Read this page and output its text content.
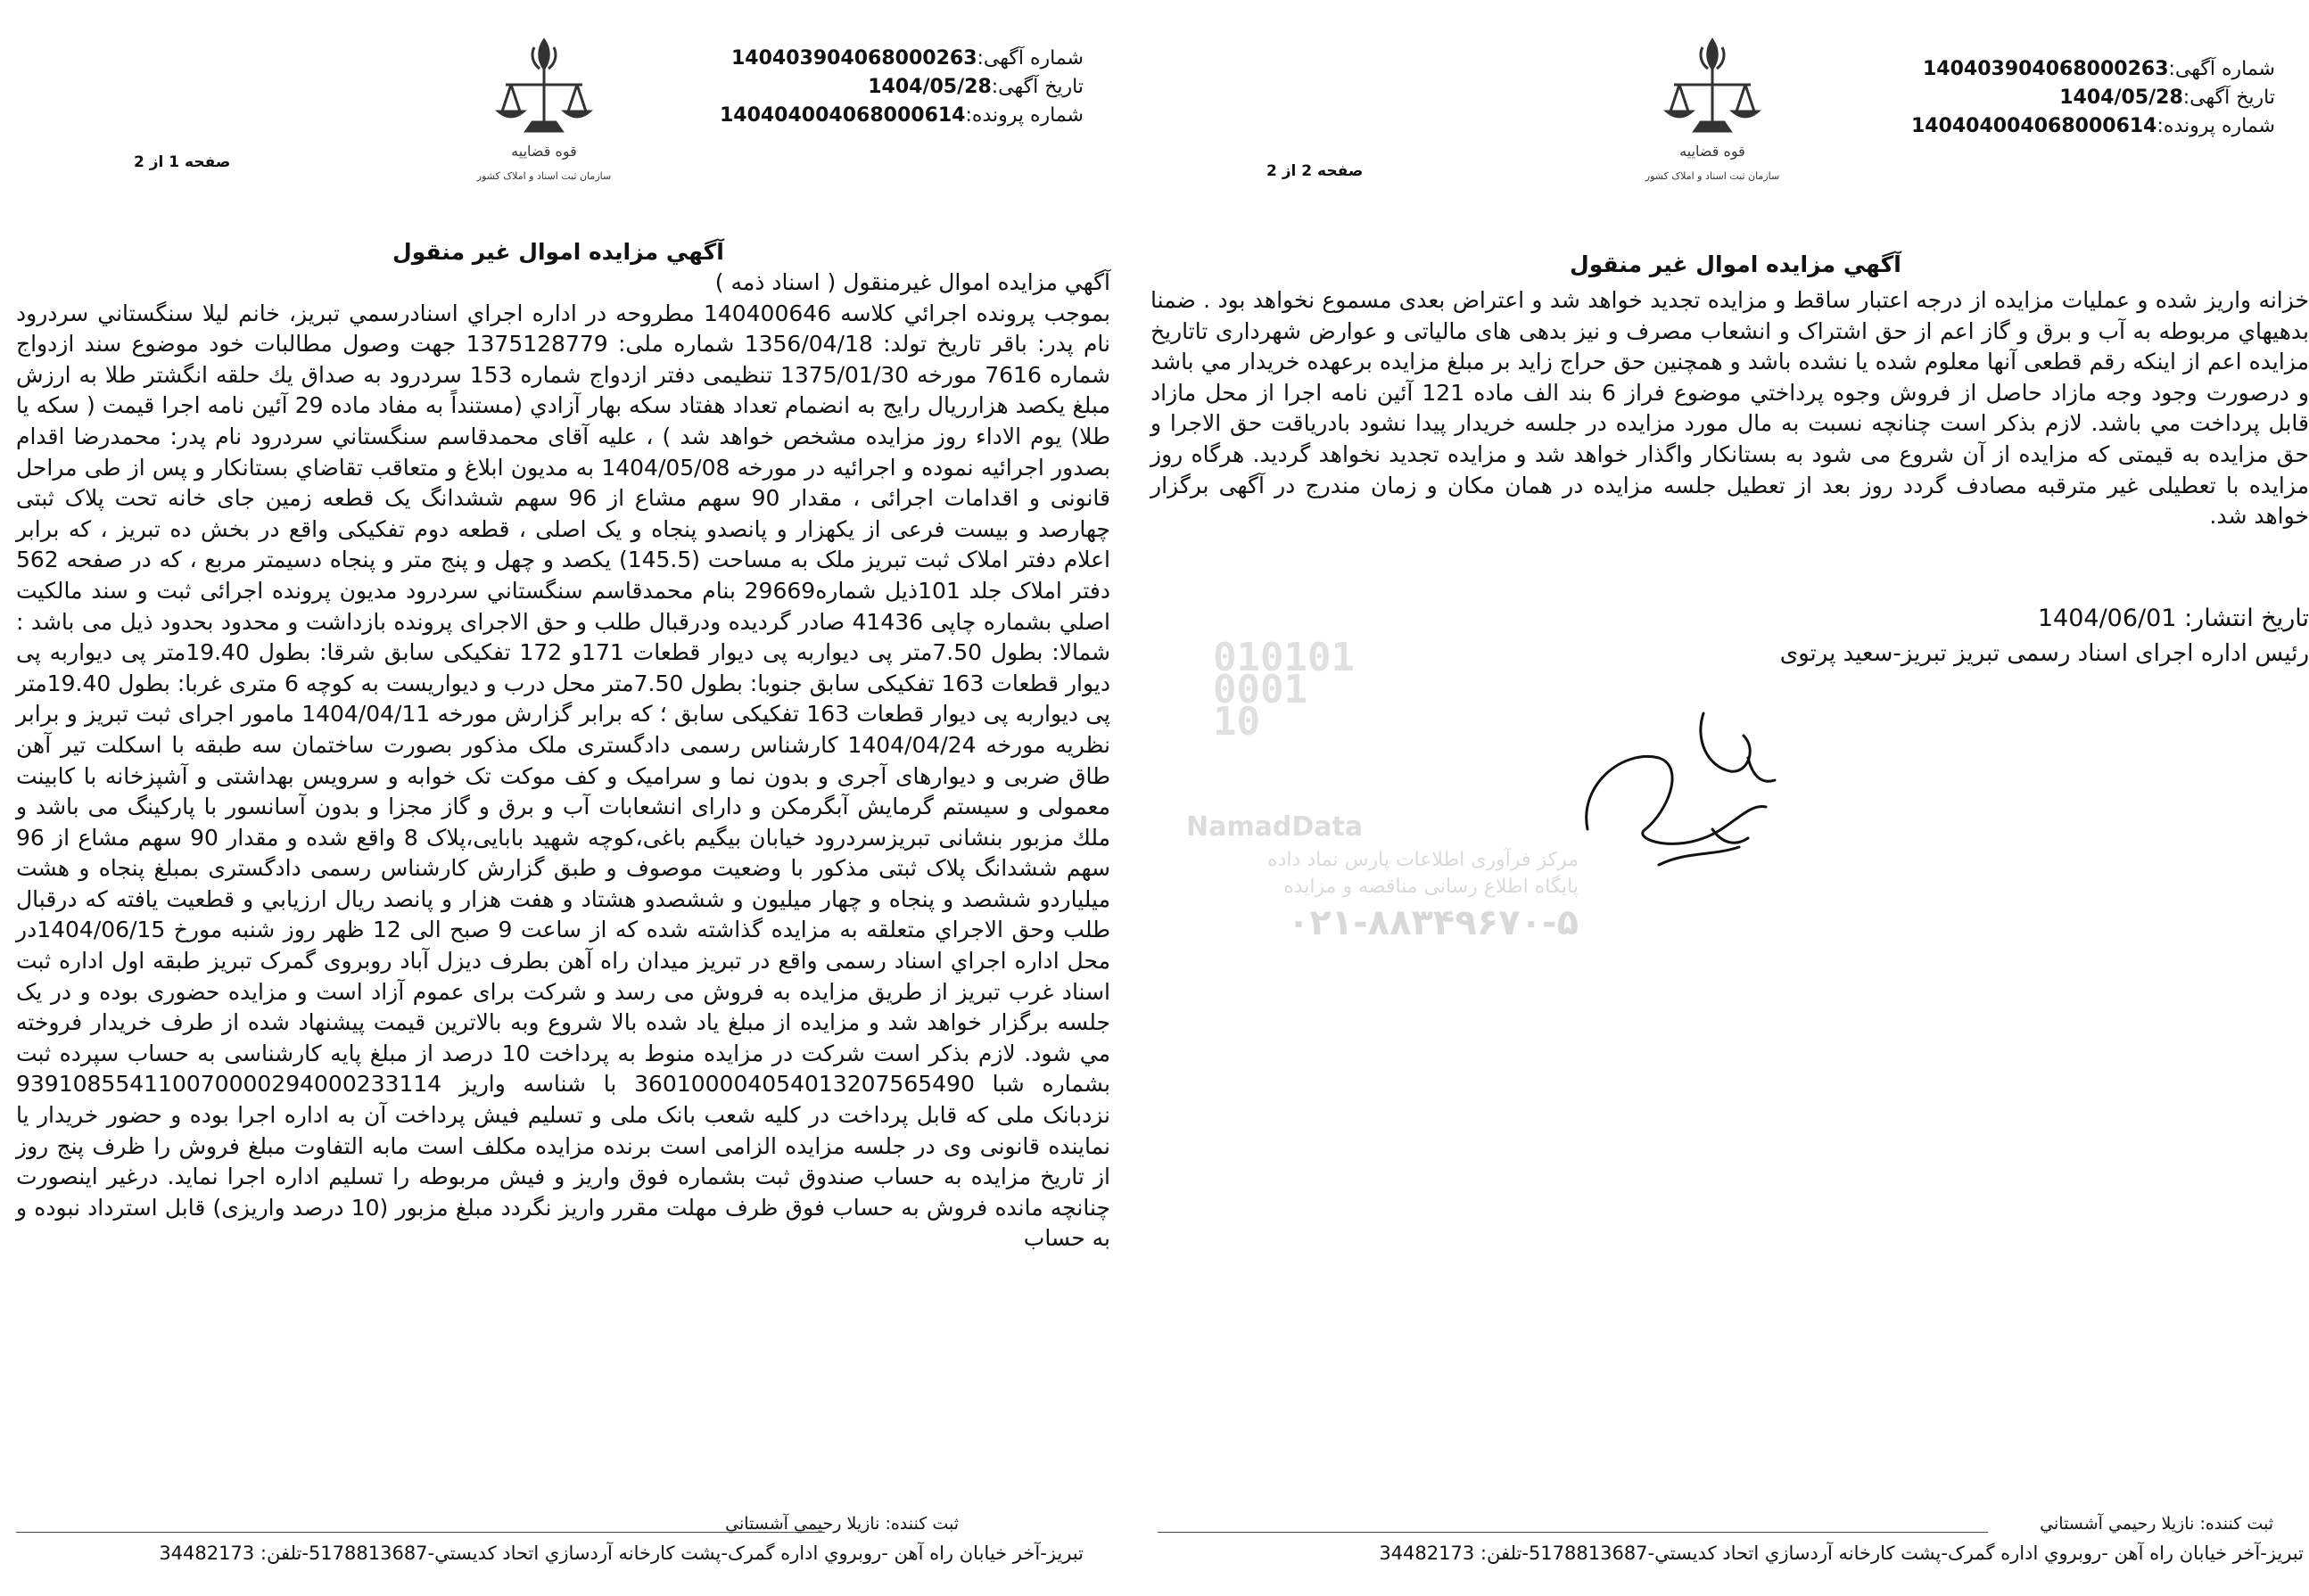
شماره آگهی:140403904068000263
تاریخ آگهی:1404/05/28
شماره پرونده:140404004068000614
قوه قضاییه
سازمان ثبت اسناد و املاک کشور
صفحه 1 از 2
آگهي مزايده اموال غير منقول
آگهي مزايده اموال غيرمنقول ( اسناد ذمه )
بموجب پرونده اجرائي كلاسه 140400646 مطروحه در اداره اجراي اسنادرسمي تبريز، خانم ليلا سنگستاني سردرود نام پدر: باقر تاريخ تولد: 1356/04/18 شماره ملی: 1375128779 جهت وصول مطالبات خود موضوع سند ازدواج شماره 7616 مورخه 1375/01/30 تنظيمی دفتر ازدواج شماره 153 سردرود به صداق يك حلقه انگشتر طلا به ارزش مبلغ يكصد هزارريال رايج به انضمام تعداد هفتاد سكه بهار آزادي (مستنداً به مفاد ماده 29 آئين نامه اجرا قيمت ( سكه يا طلا) يوم الاداء روز مزايده مشخص خواهد شد ) ، عليه آقای محمدقاسم سنگستاني سردرود نام پدر: محمدرضا اقدام بصدور اجرائيه نموده و اجرائيه در مورخه 1404/05/08 به مديون ابلاغ و متعاقب تقاضاي بستانكار و پس از طی مراحل قانونی و اقدامات اجرائی ، مقدار 90 سهم مشاع از 96 سهم ششدانگ يک قطعه زمين جای خانه تحت پلاک ثبتی چهارصد و بيست فرعی از يكهزار و پانصدو پنجاه و يک اصلی ، قطعه دوم تفکيکی واقع در بخش ده تبريز ، كه برابر اعلام دفتر املاک ثبت تبريز ملک به مساحت (145.5) يكصد و چهل و پنج متر و پنجاه دسيمتر مربع ، كه در صفحه 562 دفتر املاک جلد 101ذيل شماره29669 بنام محمدقاسم سنگستاني سردرود مديون پرونده اجرائی ثبت و سند مالكيت اصلي بشماره چاپی 41436 صادر گرديده ودرقبال طلب و حق الاجرای پرونده بازداشت و محدود بحدود ذيل می باشد : شمالا: بطول 7.50متر پی ديواربه پی ديوار قطعات 171و 172 تفكيكی سابق شرقا: بطول 19.40متر پی ديواربه پی ديوار قطعات 163 تفكيكی سابق جنوبا: بطول 7.50متر محل درب و ديواريست به كوچه 6 متری غربا: بطول 19.40متر پی ديواربه پی ديوار قطعات 163 تفكيكی سابق ؛ كه برابر گزارش مورخه 1404/04/11 مامور اجرای ثبت تبريز و برابر نظريه مورخه 1404/04/24 كارشناس رسمی دادگستری ملک مذكور بصورت ساختمان سه طبقه با اسكلت تير آهن طاق ضربی و ديوارهای آجری و بدون نما و سراميک و كف موكت تک خوابه و سرويس بهداشتی و آشپزخانه با كابينت معمولی و سيستم گرمايش آبگرمكن و دارای انشعابات آب و برق و گاز مجزا و بدون آسانسور با پاركينگ می باشد و ملك مزبور بنشانی تبريزسردرود خيابان بيگيم باغی،كوچه شهيد بابايی،پلاک 8 واقع شده و مقدار 90 سهم مشاع از 96 سهم ششدانگ پلاک ثبتی مذكور با وضعيت موصوف و طبق گزارش كارشناس رسمی دادگستری بمبلغ پنجاه و هشت ميلياردو ششصد و پنجاه و چهار ميليون و ششصدو هشتاد و هفت هزار و پانصد ريال ارزيابي و قطعيت يافته كه درقبال طلب وحق الاجراي متعلقه به مزايده گذاشته شده كه از ساعت 9 صبح الی 12 ظهر روز شنبه مورخ 1404/06/15در محل اداره اجراي اسناد رسمی واقع در تبريز ميدان راه آهن بطرف ديزل آباد روبروی گمرک تبريز طبقه اول اداره ثبت اسناد غرب تبريز از طريق مزايده به فروش می رسد و شركت برای عموم آزاد است و مزايده حضوری بوده و در يک جلسه برگزار خواهد شد و مزايده از مبلغ ياد شده بالا شروع وبه بالاترين قيمت پيشنهاد شده از طرف خريدار فروخته مي شود. لازم بذكر است شركت در مزايده منوط به پرداخت 10 درصد از مبلغ پايه كارشناسی به حساب سپرده ثبت بشماره شبا 360100004054013207565490 با شناسه واريز 939108554110070000294000233114 نزدبانک ملی كه قابل پرداخت در كليه شعب بانک ملی و تسليم فيش پرداخت آن به اداره اجرا بوده و حضور خريدار يا نماينده قانونی وی در جلسه مزايده الزامی است برنده مزايده مكلف است مابه التفاوت مبلغ فروش را ظرف پنج روز از تاريخ مزايده به حساب صندوق ثبت بشماره فوق واريز و فيش مربوطه را تسليم اداره اجرا نمايد. درغير اينصورت چنانچه مانده فروش به حساب فوق ظرف مهلت مقرر واريز نگردد مبلغ مزبور (10 درصد واريزی) قابل استرداد نبوده و به حساب
ثبت كننده: نازيلا رحيمي آشستاني
تبريز-آخر خيابان راه آهن -روبروي اداره گمرک-پشت كارخانه آردسازي اتحاد كديستي-5178813687-تلفن: 34482173
شماره آگهی:140403904068000263
تاریخ آگهی:1404/05/28
شماره پرونده:140404004068000614
قوه قضاییه
سازمان ثبت اسناد و املاک کشور
صفحه 2 از 2
آگهي مزايده اموال غير منقول
خزانه واريز شده و عمليات مزايده از درجه اعتبار ساقط و مزايده تجديد خواهد شد و اعتراض بعدی مسموع نخواهد بود . ضمنا بدهيهاي مربوطه به آب و برق و گاز اعم از حق اشتراک و انشعاب مصرف و نيز بدهی های مالياتی و عوارض شهرداری تاتاريخ مزايده اعم از اينكه رقم قطعی آنها معلوم شده يا نشده باشد و همچنين حق حراج زايد بر مبلغ مزايده برعهده خريدار مي باشد و درصورت وجود وجه مازاد حاصل از فروش وجوه پرداختي موضوع فراز 6 بند الف ماده 121 آئين نامه اجرا از محل مازاد قابل پرداخت مي باشد. لازم بذكر است چنانچه نسبت به مال مورد مزايده در جلسه خريدار پيدا نشود بادرياقت حق الاجرا و حق مزايده به قيمتی كه مزايده از آن شروع می شود به بستانكار واگذار خواهد شد و مزايده تجديد نخواهد گرديد. هرگاه روز مزايده با تعطيلی غير مترقبه مصادف گردد روز بعد از تعطيل جلسه مزايده در همان مكان و زمان مندرج در آگهی برگزار خواهد شد.
تاريخ انتشار: 1404/06/01
رئيس اداره اجرای اسناد رسمی تبريز تبريز-سعيد پرتوی
ثبت كننده: نازيلا رحيمي آشستاني
تبريز-آخر خيابان راه آهن -روبروي اداره گمرک-پشت كارخانه آردسازي اتحاد كديستي-5178813687-تلفن: 34482173
010101
0001
10
NamadData
مرکز فرآوری اطلاعات پارس نماد داده
پایگاه اطلاع رسانی مناقصه و مزایده
۰۲۱-۸۸۳۴۹۶۷۰-۵
